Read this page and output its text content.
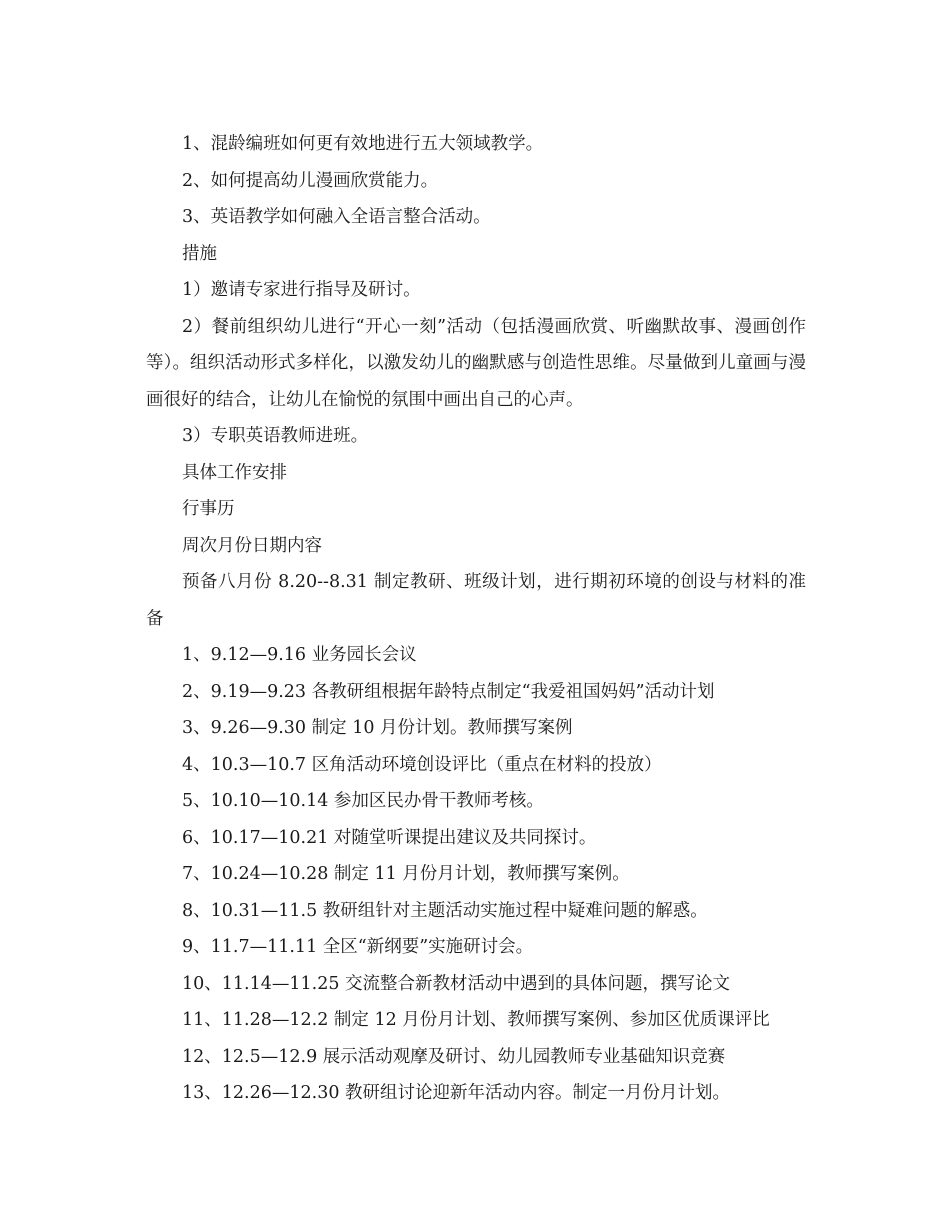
1、混龄编班如何更有效地进行五大领域教学。

2、如何提高幼儿漫画欣赏能力。

3、英语教学如何融入全语言整合活动。

措施

1）邀请专家进行指导及研讨。

2）餐前组织幼儿进行“开心一刻”活动（包括漫画欣赏、听幽默故事、漫画创作等）。组织活动形式多样化，以激发幼儿的幽默感与创造性思维。尽量做到儿童画与漫画很好的结合，让幼儿在愉悦的氛围中画出自己的心声。

3）专职英语教师进班。

具体工作安排

行事历

周次月份日期内容

预备八月份 8.20--8.31 制定教研、班级计划，进行期初环境的创设与材料的准备

1、9.12—9.16 业务园长会议

2、9.19—9.23 各教研组根据年龄特点制定“我爱祖国妈妈”活动计划

3、9.26—9.30 制定 10 月份计划。教师撰写案例

4、10.3—10.7 区角活动环境创设评比（重点在材料的投放）

5、10.10—10.14 参加区民办骨干教师考核。

6、10.17—10.21 对随堂听课提出建议及共同探讨。

7、10.24—10.28 制定 11 月份月计划，教师撰写案例。

8、10.31—11.5 教研组针对主题活动实施过程中疑难问题的解惑。

9、11.7—11.11 全区“新纲要”实施研讨会。

10、11.14—11.25 交流整合新教材活动中遇到的具体问题，撰写论文

11、11.28—12.2 制定 12 月份月计划、教师撰写案例、参加区优质课评比

12、12.5—12.9 展示活动观摩及研讨、幼儿园教师专业基础知识竞赛

13、12.26—12.30 教研组讨论迎新年活动内容。制定一月份月计划。
